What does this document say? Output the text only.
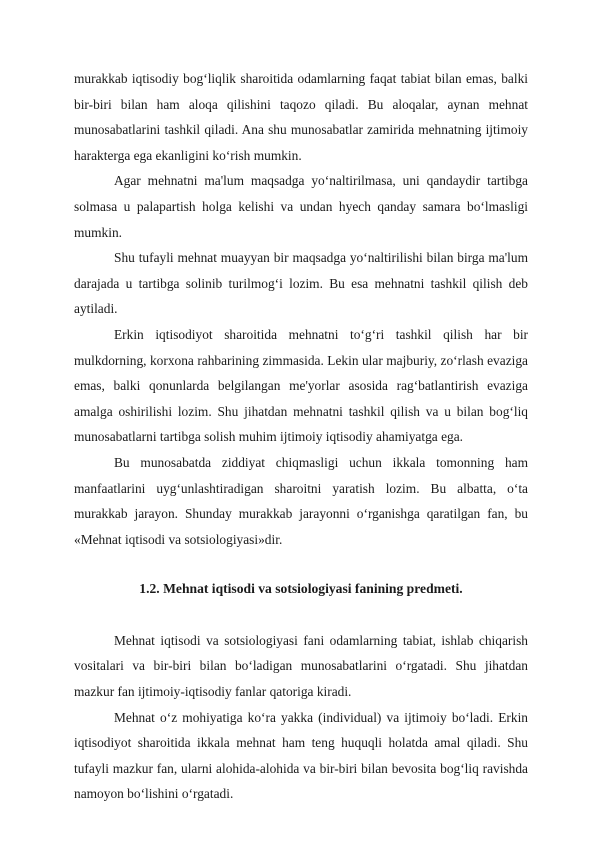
murakkab iqtisodiy bog‘liqlik sharoitida odamlarning faqat tabiat bilan emas, balki bir-biri bilan ham aloqa qilishini taqozo qiladi. Bu aloqalar, aynan mehnat munosabatlarini tashkil qiladi. Ana shu munosabatlar zamirida mehnatning ijtimoiy harakterga ega ekanligini ko‘rish mumkin.

Agar mehnatni ma'lum maqsadga yo‘naltirilmasa, uni qandaydir tartibga solmasa u palapartish holga kelishi va undan hyech qanday samara bo‘lmasligi mumkin.

Shu tufayli mehnat muayyan bir maqsadga yo‘naltirilishi bilan birga ma'lum darajada u tartibga solinib turilmog‘i lozim. Bu esa mehnatni tashkil qilish deb aytiladi.

Erkin iqtisodiyot sharoitida mehnatni to‘g‘ri tashkil qilish har bir mulkdorning, korxona rahbarining zimmasida. Lekin ular majburiy, zo‘rlash evaziga emas, balki qonunlarda belgilangan me'yorlar asosida rag‘batlantirish evaziga amalga oshirilishi lozim. Shu jihatdan mehnatni tashkil qilish va u bilan bog‘liq munosabatlarni tartibga solish muhim ijtimoiy iqtisodiy ahamiyatga ega.

Bu munosabatda ziddiyat chiqmasligi uchun ikkala tomonning ham manfaatlarini uyg‘unlashtiradigan sharoitni yaratish lozim. Bu albatta, o‘ta murakkab jarayon. Shunday murakkab jarayonni o‘rganishga qaratilgan fan, bu «Mehnat iqtisodi va sotsiologiyasi»dir.

1.2. Mehnat iqtisodi va sotsiologiyasi fanining predmeti.

Mehnat iqtisodi va sotsiologiyasi fani odamlarning tabiat, ishlab chiqarish vositalari va bir-biri bilan bo‘ladigan munosabatlarini o‘rgatadi. Shu jihatdan mazkur fan ijtimoiy-iqtisodiy fanlar qatoriga kiradi.

Mehnat o‘z mohiyatiga ko‘ra yakka (individual) va ijtimoiy bo‘ladi. Erkin iqtisodiyot sharoitida ikkala mehnat ham teng huquqli holatda amal qiladi. Shu tufayli mazkur fan, ularni alohida-alohida va bir-biri bilan bevosita bog‘liq ravishda namoyon bo‘lishini o‘rgatadi.
